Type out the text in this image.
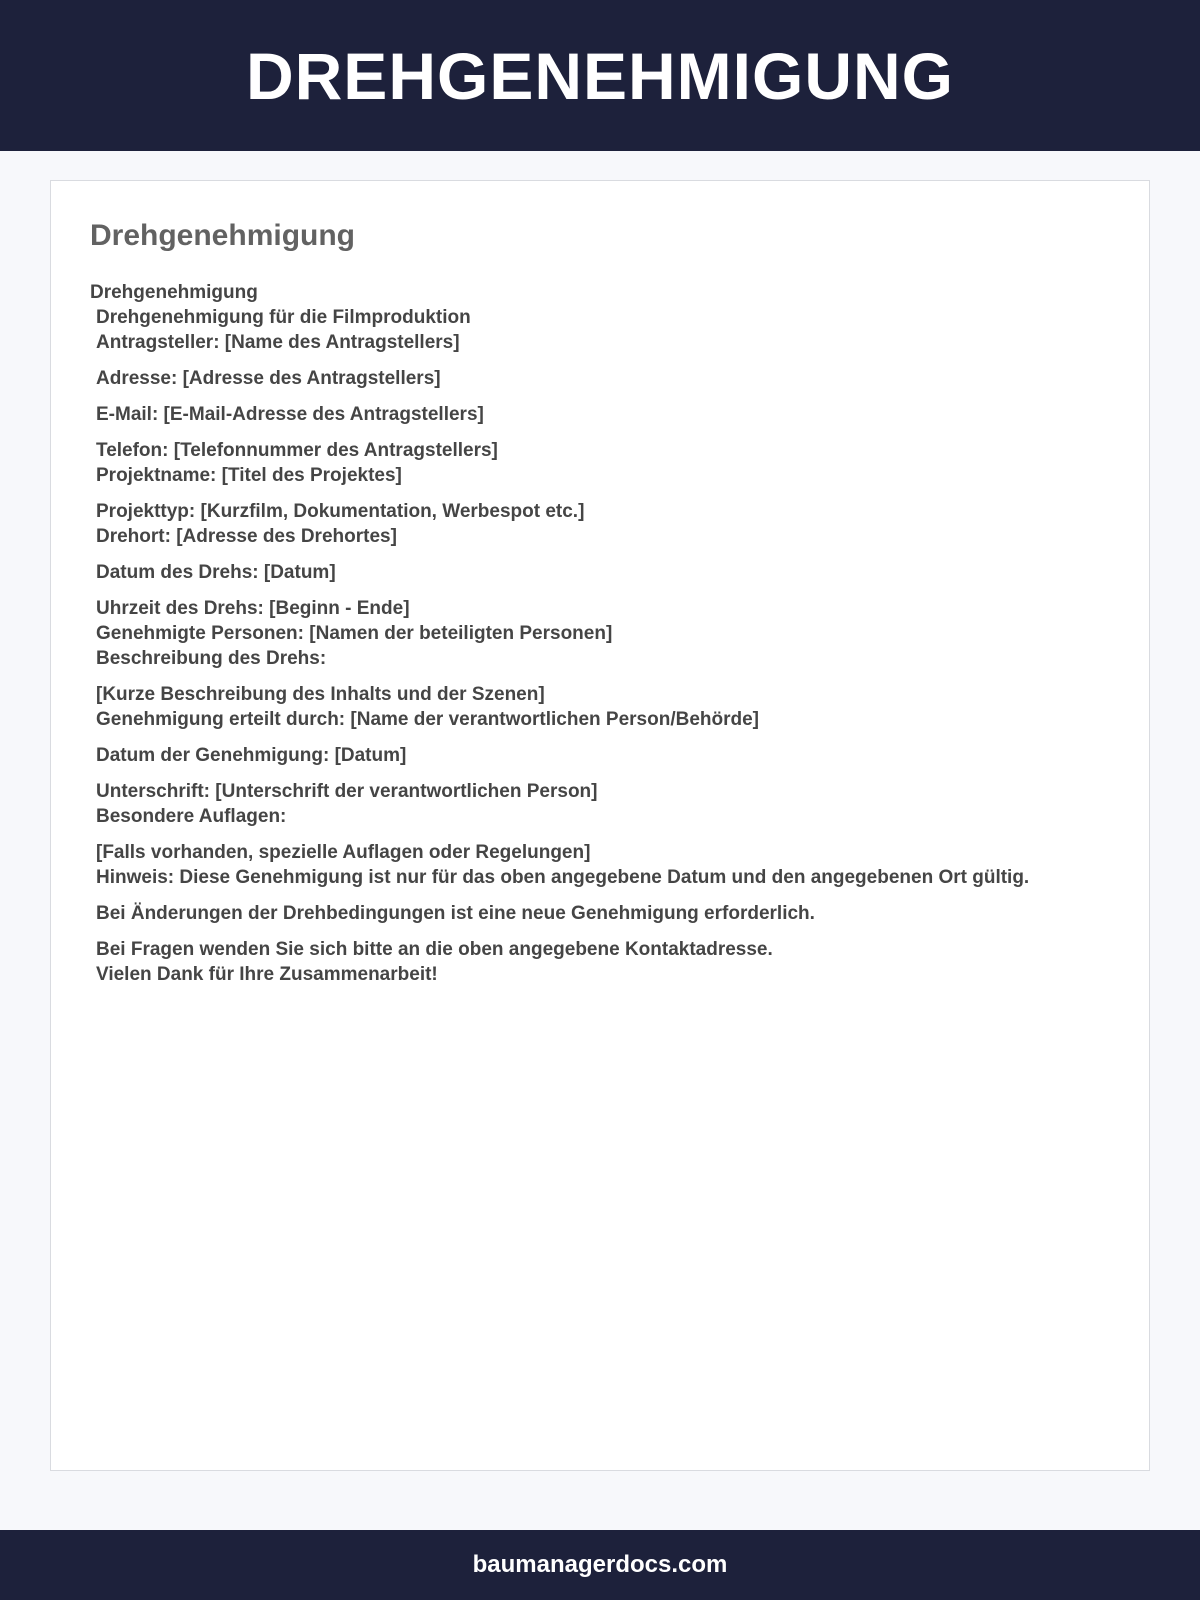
DREHGENEHMIGUNG
Drehgenehmigung
Drehgenehmigung
Drehgenehmigung für die Filmproduktion
Antragsteller: [Name des Antragstellers]
Adresse: [Adresse des Antragstellers]
E-Mail: [E-Mail-Adresse des Antragstellers]
Telefon: [Telefonnummer des Antragstellers]
Projektname: [Titel des Projektes]
Projekttyp: [Kurzfilm, Dokumentation, Werbespot etc.]
Drehort: [Adresse des Drehortes]
Datum des Drehs: [Datum]
Uhrzeit des Drehs: [Beginn - Ende]
Genehmigte Personen: [Namen der beteiligten Personen]
Beschreibung des Drehs:
[Kurze Beschreibung des Inhalts und der Szenen]
Genehmigung erteilt durch: [Name der verantwortlichen Person/Behörde]
Datum der Genehmigung: [Datum]
Unterschrift: [Unterschrift der verantwortlichen Person]
Besondere Auflagen:
[Falls vorhanden, spezielle Auflagen oder Regelungen]
Hinweis: Diese Genehmigung ist nur für das oben angegebene Datum und den angegebenen Ort gültig.
Bei Änderungen der Drehbedingungen ist eine neue Genehmigung erforderlich.
Bei Fragen wenden Sie sich bitte an die oben angegebene Kontaktadresse.
Vielen Dank für Ihre Zusammenarbeit!
baumanagerdocs.com
